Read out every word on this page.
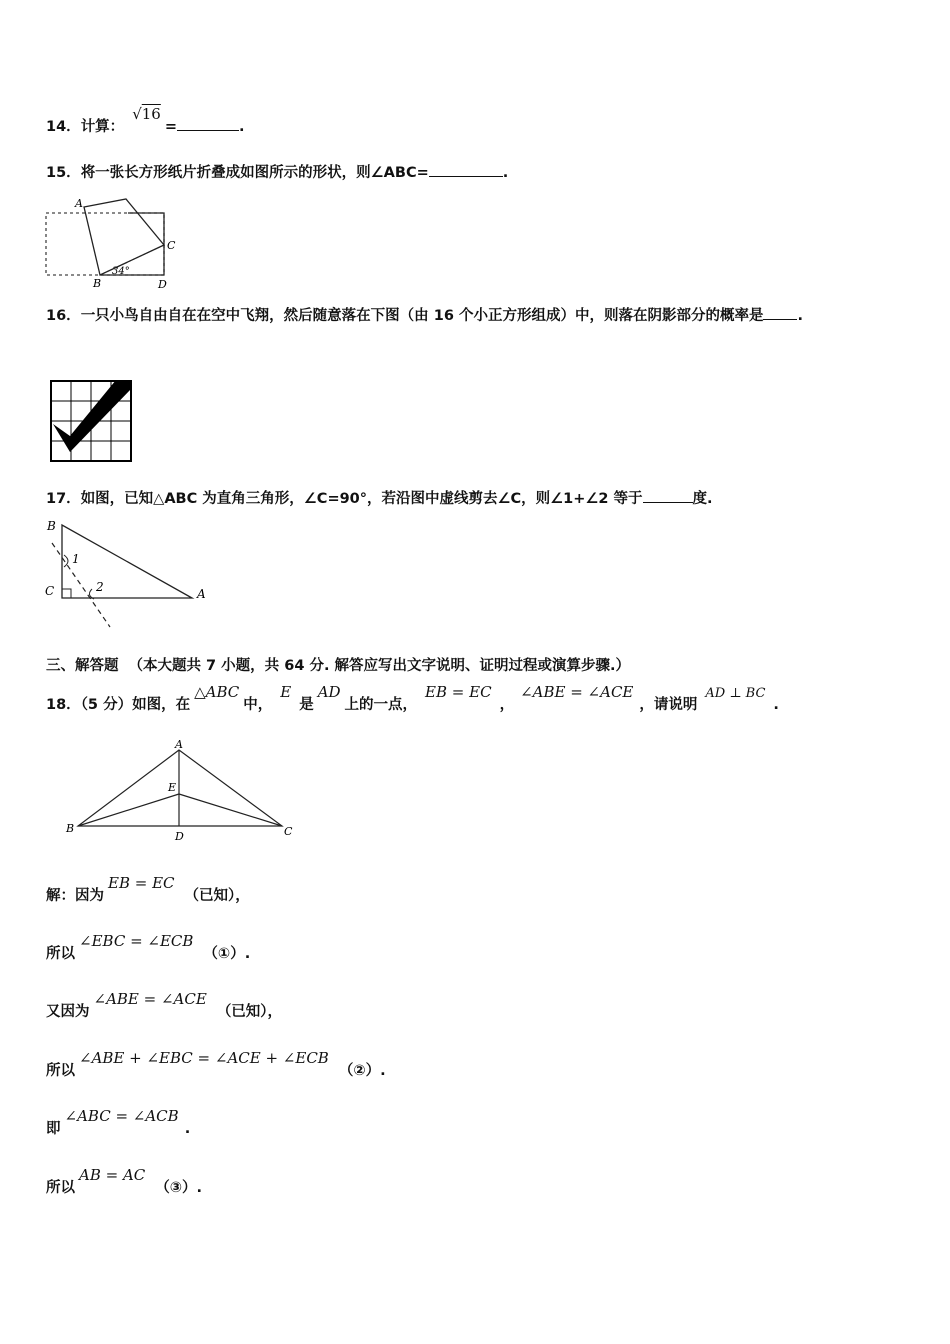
14．计算：√16=	.
15．将一张长方形纸片折叠成如图所示的形状，则∠ABC=	.
A
B
C
D
34°
16．一只小鸟自由自在在空中飞翔，然后随意落在下图（由 16 个小正方形组成）中，则落在阴影部分的概率是 .
17．如图，已知△ABC 为直角三角形，∠C=90°，若沿图中虚线剪去∠C，则∠1+∠2 等于	度.
B
C	A
1
2
三、解答题 （本大题共 7 小题，共 64 分. 解答应写出文字说明、证明过程或演算步骤.）
18．（5 分）如图，在△ABC中，E是AD上的一点，EB = EC，∠ABE = ∠ACE，请说明AD ⊥ BC.
A
E
B	C
D
解：因为EB = EC（已知），
所以∠EBC = ∠ECB（①）.
又因为∠ABE = ∠ACE（已知），
所以∠ABE + ∠EBC = ∠ACE + ∠ECB（②）.
即∠ABC = ∠ACB.
所以AB = AC（③）.
